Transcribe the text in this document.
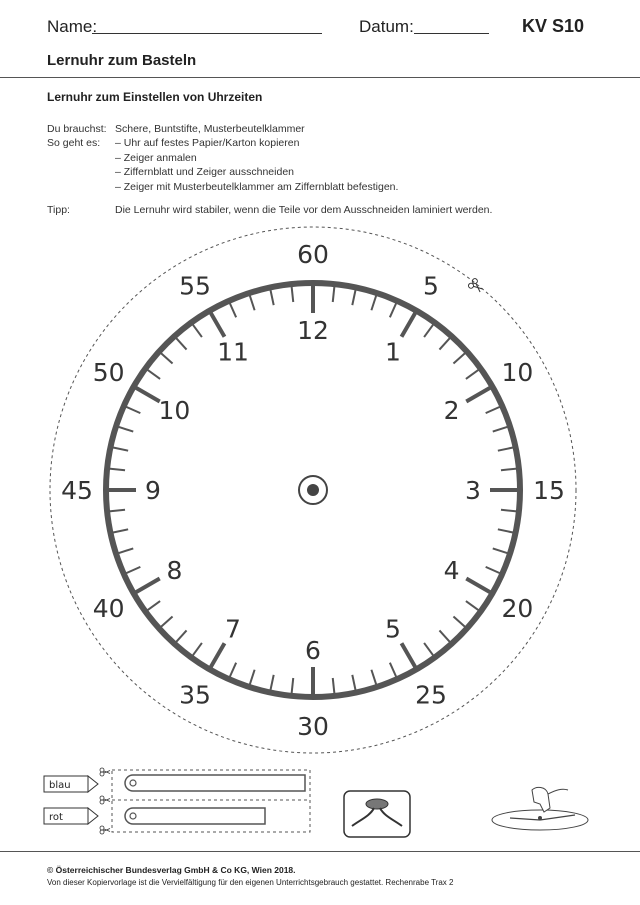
Name:	Datum:	KV S10
Lernuhr zum Basteln
Lernuhr zum Einstellen von Uhrzeiten
Du brauchst: Schere, Buntstifte, Musterbeutelklammer
So geht es: – Uhr auf festes Papier/Karton kopieren
– Zeiger anmalen
– Ziffernblatt und Zeiger ausschneiden
– Zeiger mit Musterbeutelklammer am Ziffernblatt befestigen.
Tipp:	Die Lernuhr wird stabiler, wenn die Teile vor dem Ausschneiden laminiert werden.
12
1
2
3
4
5
6
7
8
9
10
11
60
5
10
15
20
25
30
35
40
45
50
55
blau
rot
© Österreichischer Bundesverlag GmbH & Co KG, Wien 2018.
Von dieser Kopiervorlage ist die Vervielfältigung für den eigenen Unterrichtsgebrauch gestattet. Rechenrabe Trax 2
